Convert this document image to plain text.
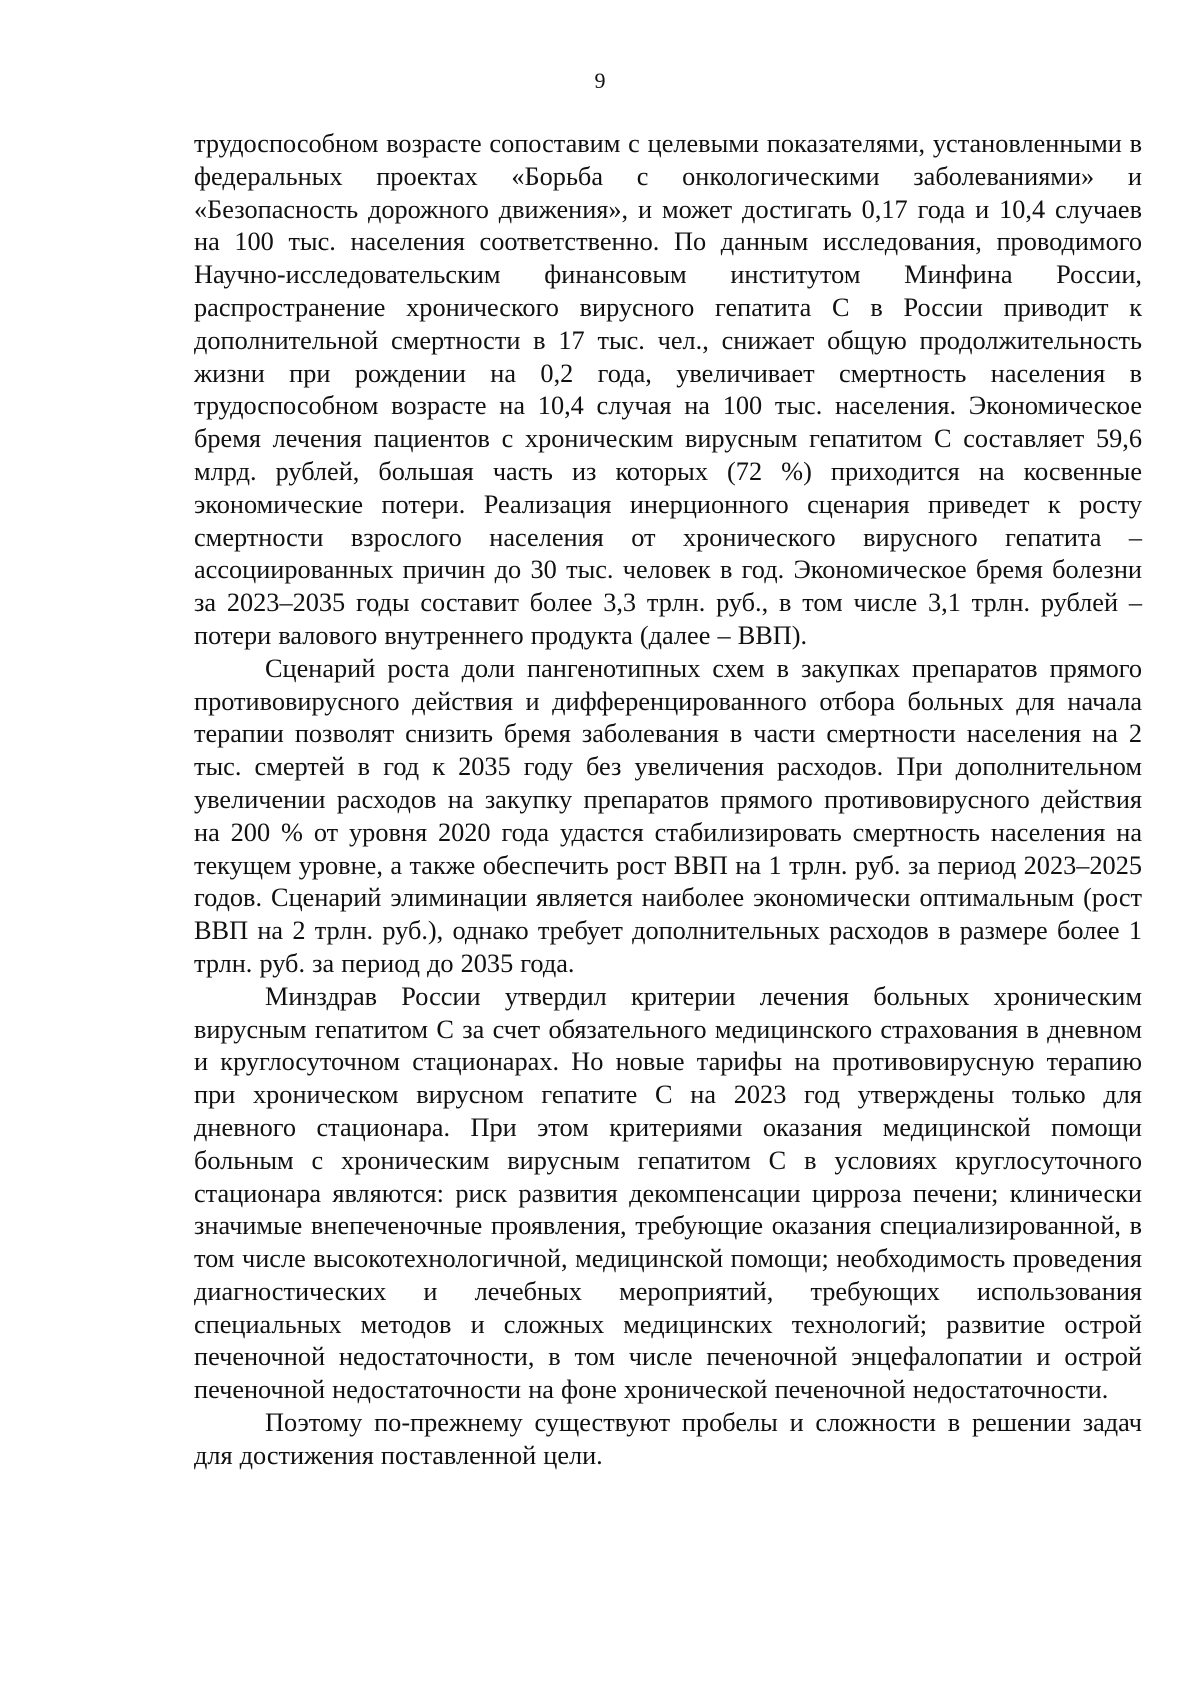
9

трудоспособном возрасте сопоставим с целевыми показателями, установленными в федеральных проектах «Борьба с онкологическими заболеваниями» и «Безопасность дорожного движения», и может достигать 0,17 года и 10,4 случаев на 100 тыс. населения соответственно. По данным исследования, проводимого Научно-исследовательским финансовым институтом Минфина России, распространение хронического вирусного гепатита С в России приводит к дополнительной смертности в 17 тыс. чел., снижает общую продолжительность жизни при рождении на 0,2 года, увеличивает смертность населения в трудоспособном возрасте на 10,4 случая на 100 тыс. населения. Экономическое бремя лечения пациентов с хроническим вирусным гепатитом С составляет 59,6 млрд. рублей, большая часть из которых (72 %) приходится на косвенные экономические потери. Реализация инерционного сценария приведет к росту смертности взрослого населения от хронического вирусного гепатита – ассоциированных причин до 30 тыс. человек в год. Экономическое бремя болезни за 2023–2035 годы составит более 3,3 трлн. руб., в том числе 3,1 трлн. рублей – потери валового внутреннего продукта (далее – ВВП).

Сценарий роста доли пангенотипных схем в закупках препаратов прямого противовирусного действия и дифференцированного отбора больных для начала терапии позволят снизить бремя заболевания в части смертности населения на 2 тыс. смертей в год к 2035 году без увеличения расходов. При дополнительном увеличении расходов на закупку препаратов прямого противовирусного действия на 200 % от уровня 2020 года удастся стабилизировать смертность населения на текущем уровне, а также обеспечить рост ВВП на 1 трлн. руб. за период 2023–2025 годов. Сценарий элиминации является наиболее экономически оптимальным (рост ВВП на 2 трлн. руб.), однако требует дополнительных расходов в размере более 1 трлн. руб. за период до 2035 года.

Минздрав России утвердил критерии лечения больных хроническим вирусным гепатитом С за счет обязательного медицинского страхования в дневном и круглосуточном стационарах. Но новые тарифы на противовирусную терапию при хроническом вирусном гепатите С на 2023 год утверждены только для дневного стационара. При этом критериями оказания медицинской помощи больным с хроническим вирусным гепатитом С в условиях круглосуточного стационара являются: риск развития декомпенсации цирроза печени; клинически значимые внепеченочные проявления, требующие оказания специализированной, в том числе высокотехнологичной, медицинской помощи; необходимость проведения диагностических и лечебных мероприятий, требующих использования специальных методов и сложных медицинских технологий; развитие острой печеночной недостаточности, в том числе печеночной энцефалопатии и острой печеночной недостаточности на фоне хронической печеночной недостаточности.

Поэтому по-прежнему существуют пробелы и сложности в решении задач для достижения поставленной цели.
